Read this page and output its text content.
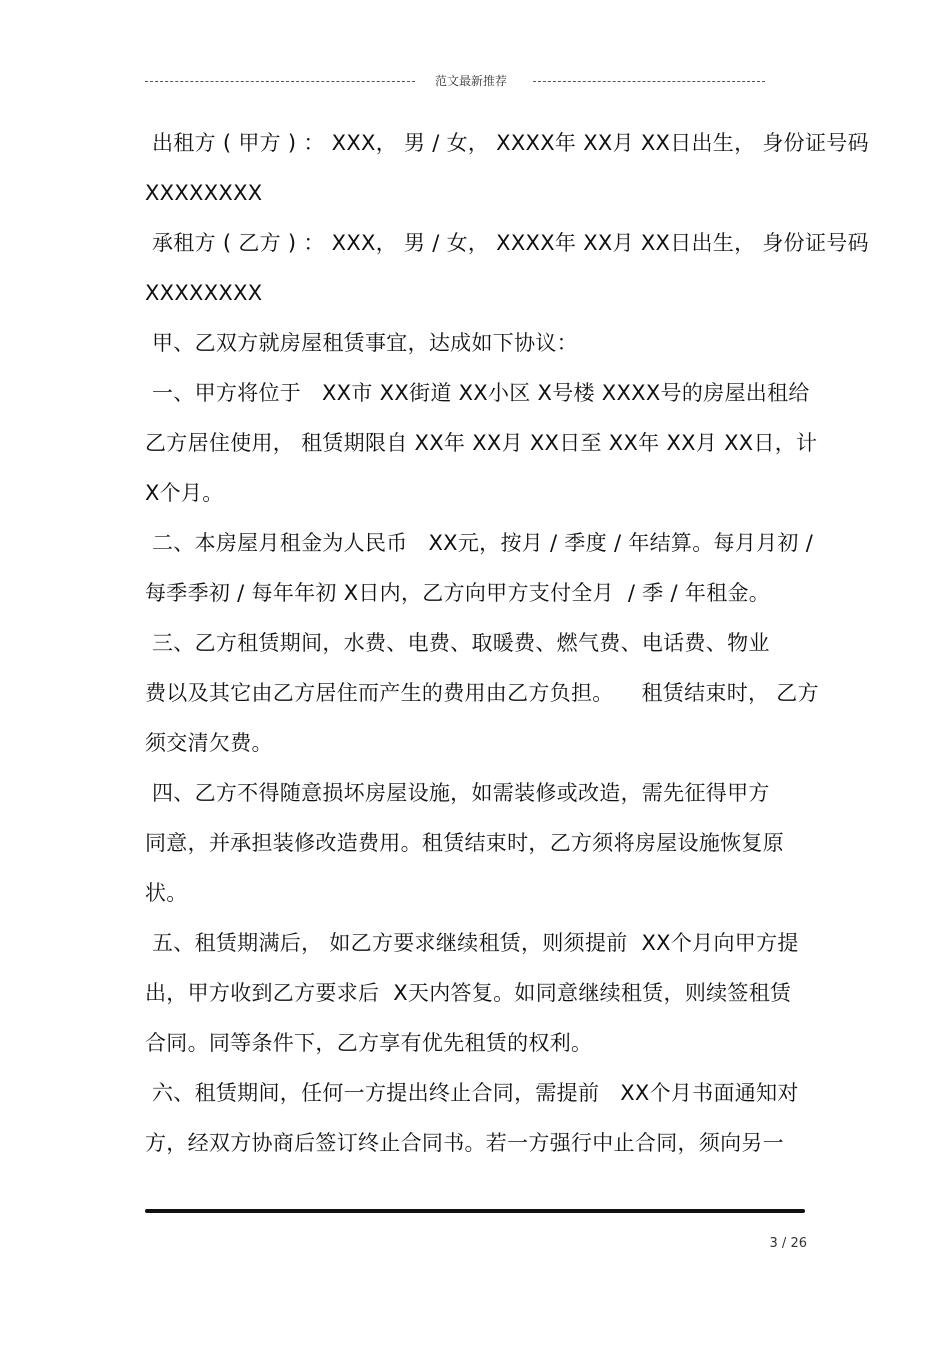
范文最新推荐
出租方 ( 甲方 ) ： XXX， 男 / 女， XXXX年 XX月 XX日出生， 身份证号码
XXXXXXXX
承租方 ( 乙方 ) ： XXX， 男 / 女， XXXX年 XX月 XX日出生， 身份证号码
XXXXXXXX
甲、乙双方就房屋租赁事宜，达成如下协议：
一、甲方将位于   XX市 XX街道 XX小区 X号楼 XXXX号的房屋出租给
乙方居住使用， 租赁期限自 XX年 XX月 XX日至 XX年 XX月 XX日，计
X个月。
二、本房屋月租金为人民币   XX元，按月 / 季度 / 年结算。每月月初 /
每季季初 / 每年年初 X日内，乙方向甲方支付全月  / 季 / 年租金。
三、乙方租赁期间，水费、电费、取暖费、燃气费、电话费、物业
费以及其它由乙方居住而产生的费用由乙方负担。    租赁结束时， 乙方
须交清欠费。
四、乙方不得随意损坏房屋设施，如需装修或改造，需先征得甲方
同意，并承担装修改造费用。租赁结束时，乙方须将房屋设施恢复原
状。
五、租赁期满后， 如乙方要求继续租赁，则须提前  XX个月向甲方提
出，甲方收到乙方要求后  X天内答复。如同意继续租赁，则续签租赁
合同。同等条件下，乙方享有优先租赁的权利。
六、租赁期间，任何一方提出终止合同，需提前   XX个月书面通知对
方，经双方协商后签订终止合同书。若一方强行中止合同，须向另一
3 / 26
